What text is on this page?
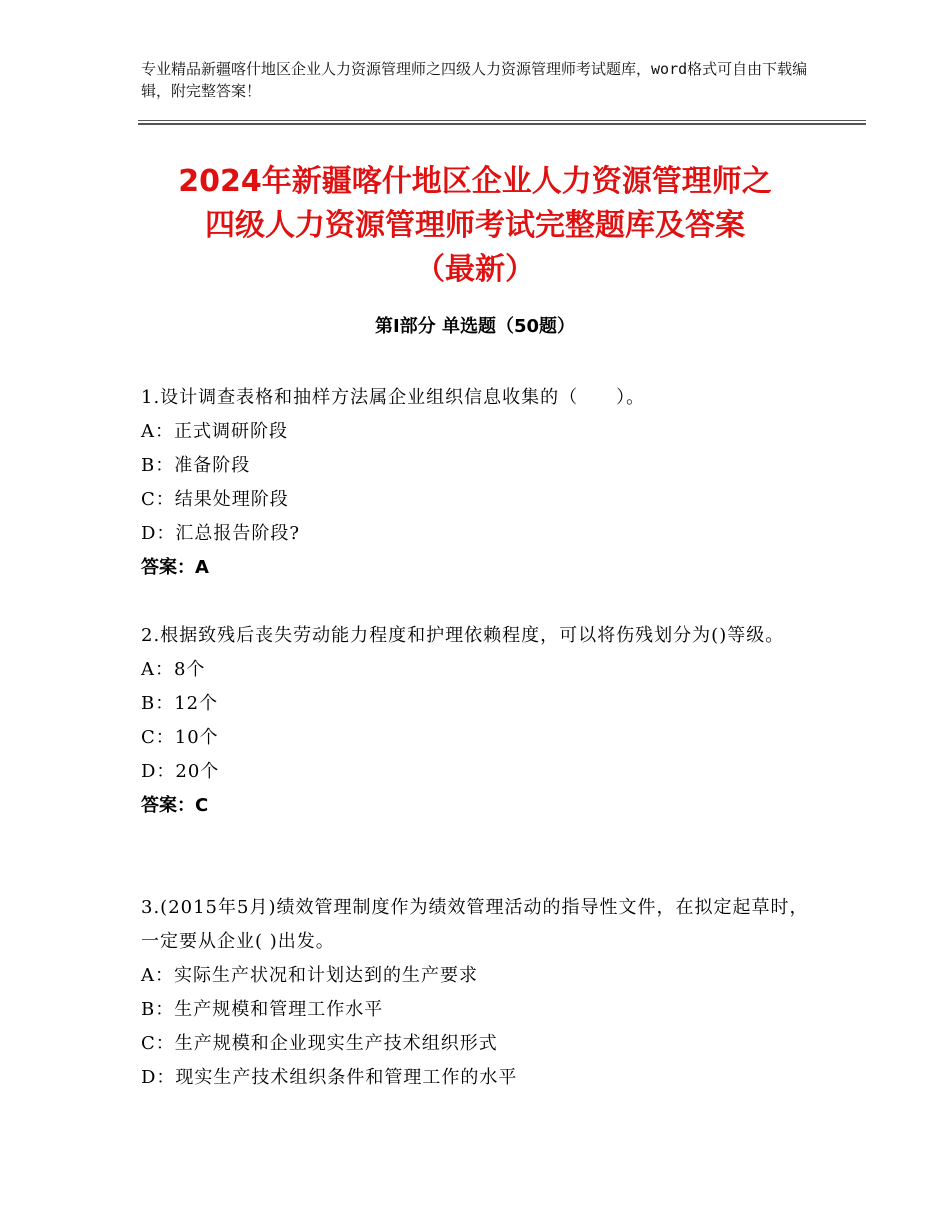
专业精品新疆喀什地区企业人力资源管理师之四级人力资源管理师考试题库，word格式可自由下载编辑，附完整答案！
2024年新疆喀什地区企业人力资源管理师之
四级人力资源管理师考试完整题库及答案
（最新）
第Ⅰ部分 单选题（50题）
1.设计调查表格和抽样方法属企业组织信息收集的（　　）。
A：正式调研阶段
B：准备阶段
C：结果处理阶段
D：汇总报告阶段?
答案：A
2.根据致残后丧失劳动能力程度和护理依赖程度，可以将伤残划分为()等级。
A：8个
B：12个
C：10个
D：20个
答案：C
3.(2015年5月)绩效管理制度作为绩效管理活动的指导性文件，在拟定起草时，一定要从企业( )出发。
A：实际生产状况和计划达到的生产要求
B：生产规模和管理工作水平
C：生产规模和企业现实生产技术组织形式
D：现实生产技术组织条件和管理工作的水平
